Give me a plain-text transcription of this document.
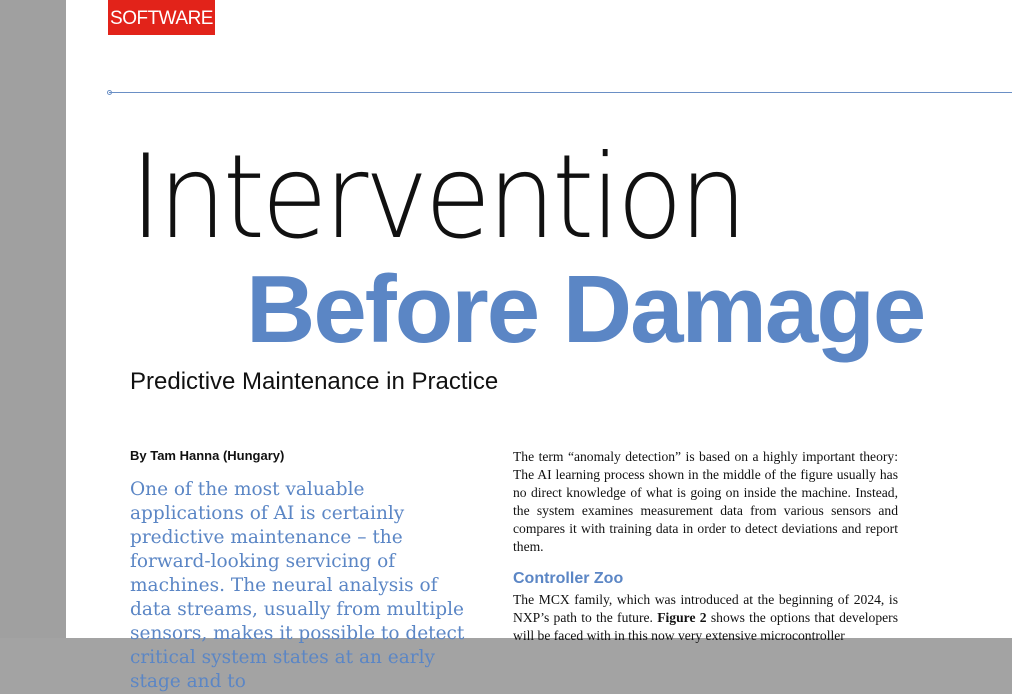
SOFTWARE
Intervention
Before Damage
Predictive Maintenance in Practice
By Tam Hanna (Hungary)
One of the most valuable applications of AI is certainly predictive maintenance – the forward-looking servicing of machines. The neural analysis of data streams, usually from multiple sensors, makes it possible to detect critical system states at an early stage and to

The term “anomaly detection” is based on a highly important theory: The AI learning process shown in the middle of the figure usually has no direct knowledge of what is going on inside the machine. Instead, the system examines measurement data from various sensors and compares it with training data in order to detect deviations and report them.

Controller Zoo

The MCX family, which was introduced at the beginning of 2024, is NXP’s path to the future. Figure 2 shows the options that developers will be faced with in this now very extensive microcontroller
